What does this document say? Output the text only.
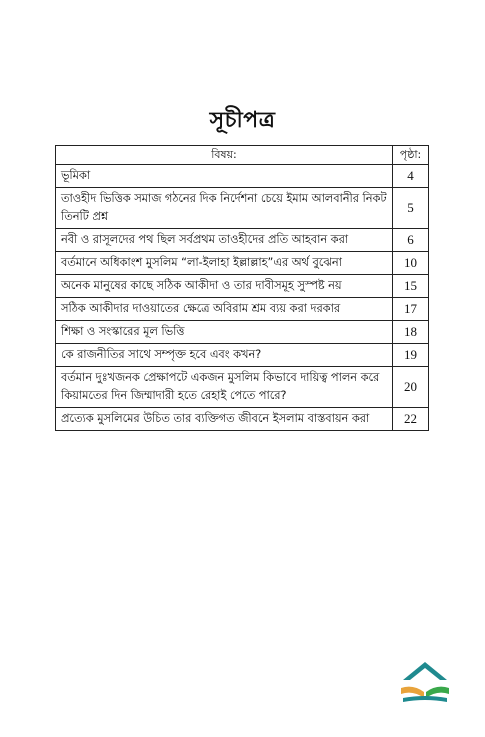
সূচীপত্র
বিষয়:	পৃষ্ঠা:
ভূমিকা	4
তাওহীদ ভিত্তিক সমাজ গঠনের দিক নির্দেশনা চেয়ে ইমাম আলবানীর নিকট তিনটি প্রশ্ন	5
নবী ও রাসূলদের পথ ছিল সর্বপ্রথম তাওহীদের প্রতি আহবান করা	6
বর্তমানে অধিকাংশ মুসলিম “লা-ইলাহা ইল্লাল্লাহ”এর অর্থ বুঝেনা	10
অনেক মানুষের কাছে সঠিক আকীদা ও তার দাবীসমূহ সুস্পষ্ট নয়	15
সঠিক আকীদার দাওয়াতের ক্ষেত্রে অবিরাম শ্রম ব্যয় করা দরকার	17
শিক্ষা ও সংস্কারের মূল ভিত্তি	18
কে রাজনীতির সাথে সম্পৃক্ত হবে এবং কখন?	19
বর্তমান দুঃখজনক প্রেক্ষাপটে একজন মুসলিম কিভাবে দায়িত্ব পালন করে কিয়ামতের দিন জিম্মাদারী হতে রেহাই পেতে পারে?	20
প্রত্যেক মুসলিমের উচিত তার ব্যক্তিগত জীবনে ইসলাম বাস্তবায়ন করা	22
